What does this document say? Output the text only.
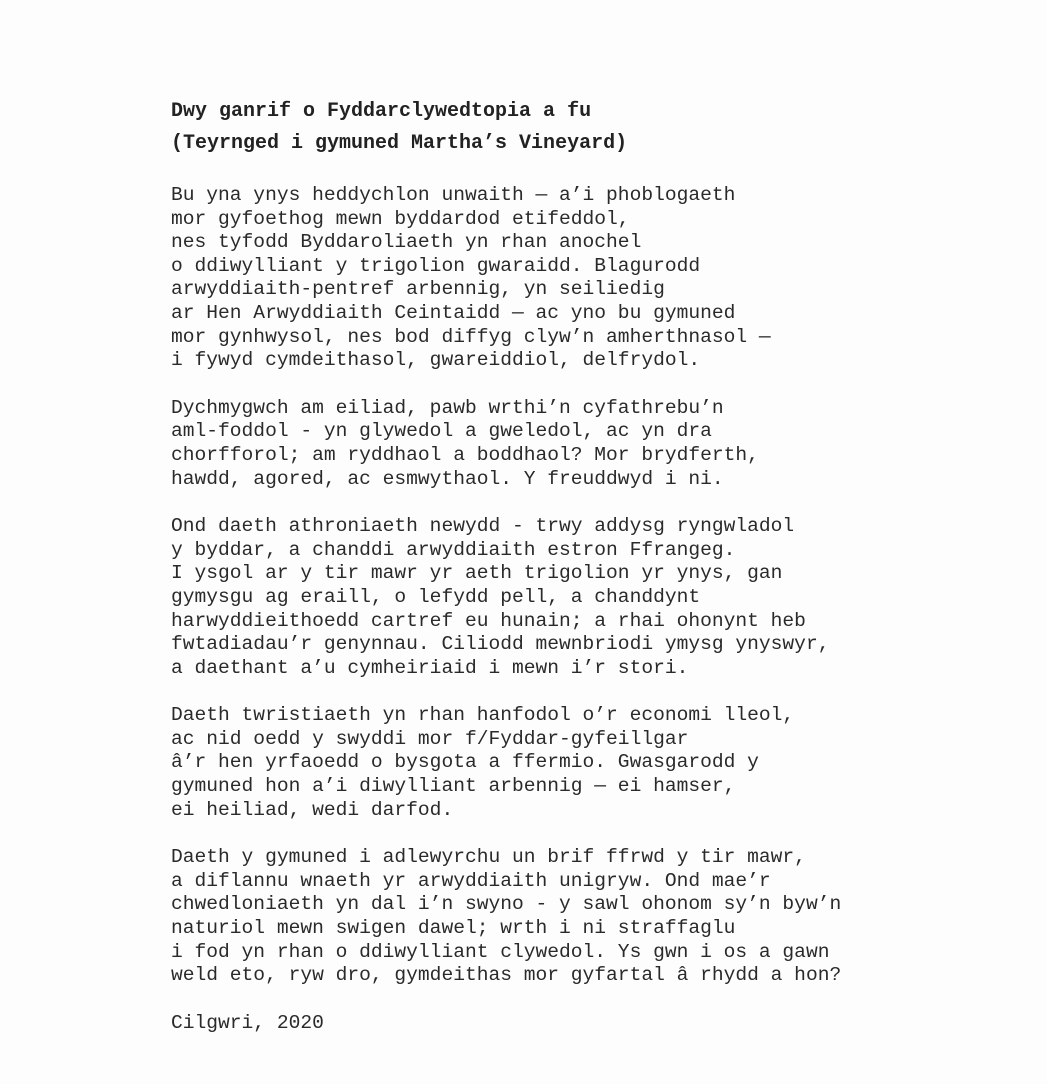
Dwy ganrif o Fyddarclywedtopia a fu

(Teyrnged i gymuned Martha’s Vineyard)

Bu yna ynys heddychlon unwaith — a’i phoblogaeth

mor gyfoethog mewn byddardod etifeddol,

nes tyfodd Byddaroliaeth yn rhan anochel

o ddiwylliant y trigolion gwaraidd. Blagurodd

arwyddiaith-pentref arbennig, yn seiliedig

ar Hen Arwyddiaith Ceintaidd — ac yno bu gymuned

mor gynhwysol, nes bod diffyg clyw’n amherthnasol —

i fywyd cymdeithasol, gwareiddiol, delfrydol.

Dychmygwch am eiliad, pawb wrthi’n cyfathrebu’n

aml-foddol - yn glywedol a gweledol, ac yn dra

chorfforol; am ryddhaol a boddhaol? Mor brydferth,

hawdd, agored, ac esmwythaol. Y freuddwyd i ni.

Ond daeth athroniaeth newydd - trwy addysg ryngwladol

y byddar, a chanddi arwyddiaith estron Ffrangeg.

I ysgol ar y tir mawr yr aeth trigolion yr ynys, gan

gymysgu ag eraill, o lefydd pell, a chanddynt

harwyddieithoedd cartref eu hunain; a rhai ohonynt heb

fwtadiadau’r genynnau. Ciliodd mewnbriodi ymysg ynyswyr,

a daethant a’u cymheiriaid i mewn i’r stori.

Daeth twristiaeth yn rhan hanfodol o’r economi lleol,

ac nid oedd y swyddi mor f/Fyddar-gyfeillgar

â’r hen yrfaoedd o bysgota a ffermio. Gwasgarodd y

gymuned hon a’i diwylliant arbennig — ei hamser,

ei heiliad, wedi darfod.

Daeth y gymuned i adlewyrchu un brif ffrwd y tir mawr,

a diflannu wnaeth yr arwyddiaith unigryw. Ond mae’r

chwedloniaeth yn dal i’n swyno - y sawl ohonom sy’n byw’n

naturiol mewn swigen dawel; wrth i ni straffaglu

i fod yn rhan o ddiwylliant clywedol. Ys gwn i os a gawn

weld eto, ryw dro, gymdeithas mor gyfartal â rhydd a hon?

Cilgwri, 2020
